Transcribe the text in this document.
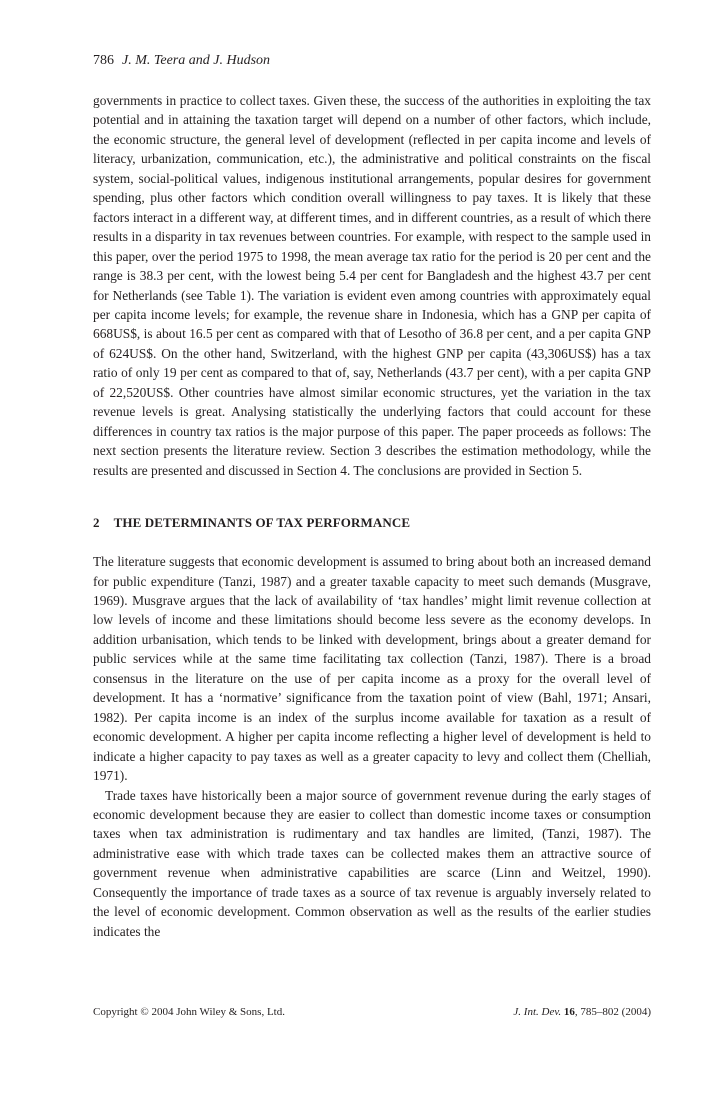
786 J. M. Teera and J. Hudson

governments in practice to collect taxes. Given these, the success of the authorities in exploiting the tax potential and in attaining the taxation target will depend on a number of other factors, which include, the economic structure, the general level of development (reflected in per capita income and levels of literacy, urbanization, communication, etc.), the administrative and political constraints on the fiscal system, social-political values, indigenous institutional arrangements, popular desires for government spending, plus other factors which condition overall willingness to pay taxes. It is likely that these factors interact in a different way, at different times, and in different countries, as a result of which there results in a disparity in tax revenues between countries. For example, with respect to the sample used in this paper, over the period 1975 to 1998, the mean average tax ratio for the period is 20 per cent and the range is 38.3 per cent, with the lowest being 5.4 per cent for Bangladesh and the highest 43.7 per cent for Netherlands (see Table 1). The variation is evident even among countries with approximately equal per capita income levels; for example, the revenue share in Indonesia, which has a GNP per capita of 668US$, is about 16.5 per cent as compared with that of Lesotho of 36.8 per cent, and a per capita GNP of 624US$. On the other hand, Switzerland, with the highest GNP per capita (43,306US$) has a tax ratio of only 19 per cent as compared to that of, say, Netherlands (43.7 per cent), with a per capita GNP of 22,520US$. Other countries have almost similar economic structures, yet the variation in the tax revenue levels is great. Analysing statistically the underlying factors that could account for these differences in country tax ratios is the major purpose of this paper. The paper proceeds as follows: The next section presents the literature review. Section 3 describes the estimation methodology, while the results are presented and discussed in Section 4. The conclusions are provided in Section 5.

2 THE DETERMINANTS OF TAX PERFORMANCE

The literature suggests that economic development is assumed to bring about both an increased demand for public expenditure (Tanzi, 1987) and a greater taxable capacity to meet such demands (Musgrave, 1969). Musgrave argues that the lack of availability of ‘tax handles’ might limit revenue collection at low levels of income and these limitations should become less severe as the economy develops. In addition urbanisation, which tends to be linked with development, brings about a greater demand for public services while at the same time facilitating tax collection (Tanzi, 1987). There is a broad consensus in the literature on the use of per capita income as a proxy for the overall level of development. It has a ‘normative’ significance from the taxation point of view (Bahl, 1971; Ansari, 1982). Per capita income is an index of the surplus income available for taxation as a result of economic development. A higher per capita income reflecting a higher level of development is held to indicate a higher capacity to pay taxes as well as a greater capacity to levy and collect them (Chelliah, 1971).

Trade taxes have historically been a major source of government revenue during the early stages of economic development because they are easier to collect than domestic income taxes or consumption taxes when tax administration is rudimentary and tax handles are limited, (Tanzi, 1987). The administrative ease with which trade taxes can be collected makes them an attractive source of government revenue when administrative capabilities are scarce (Linn and Weitzel, 1990). Consequently the importance of trade taxes as a source of tax revenue is arguably inversely related to the level of economic development. Common observation as well as the results of the earlier studies indicates the

Copyright © 2004 John Wiley & Sons, Ltd.	J. Int. Dev. 16, 785–802 (2004)
